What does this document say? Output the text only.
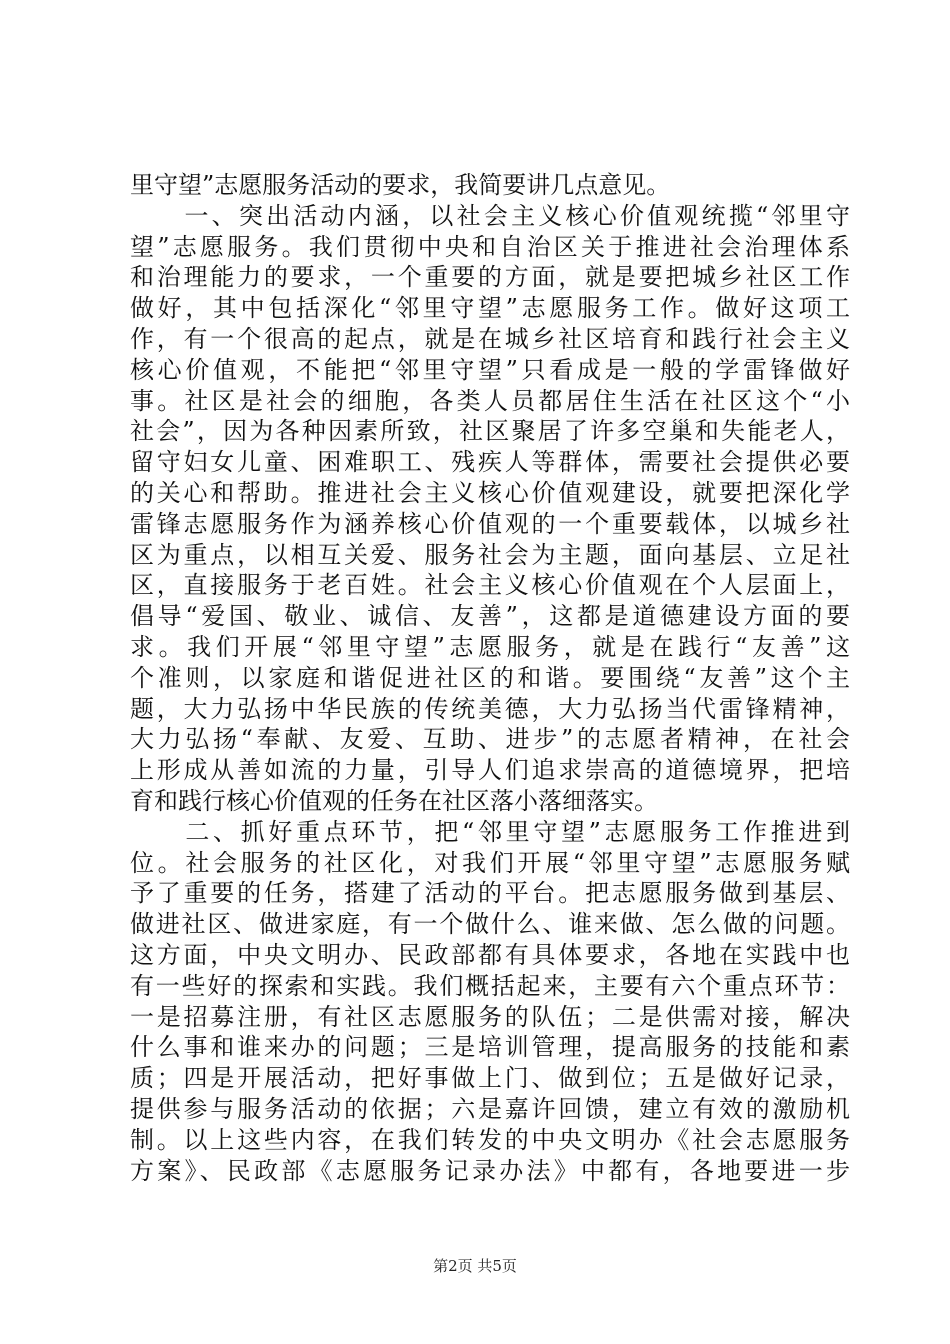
里守望”志愿服务活动的要求，我简要讲几点意见。
　　一、突出活动内涵，以社会主义核心价值观统揽“邻里守
望”志愿服务。我们贯彻中央和自治区关于推进社会治理体系
和治理能力的要求，一个重要的方面，就是要把城乡社区工作
做好，其中包括深化“邻里守望”志愿服务工作。做好这项工
作，有一个很高的起点，就是在城乡社区培育和践行社会主义
核心价值观，不能把“邻里守望”只看成是一般的学雷锋做好
事。社区是社会的细胞，各类人员都居住生活在社区这个“小
社会”，因为各种因素所致，社区聚居了许多空巢和失能老人，
留守妇女儿童、困难职工、残疾人等群体，需要社会提供必要
的关心和帮助。推进社会主义核心价值观建设，就要把深化学
雷锋志愿服务作为涵养核心价值观的一个重要载体，以城乡社
区为重点，以相互关爱、服务社会为主题，面向基层、立足社
区，直接服务于老百姓。社会主义核心价值观在个人层面上，
倡导“爱国、敬业、诚信、友善”，这都是道德建设方面的要
求。我们开展“邻里守望”志愿服务，就是在践行“友善”这
个准则，以家庭和谐促进社区的和谐。要围绕“友善”这个主
题，大力弘扬中华民族的传统美德，大力弘扬当代雷锋精神，
大力弘扬“奉献、友爱、互助、进步”的志愿者精神，在社会
上形成从善如流的力量，引导人们追求崇高的道德境界，把培
育和践行核心价值观的任务在社区落小落细落实。
　　二、抓好重点环节，把“邻里守望”志愿服务工作推进到
位。社会服务的社区化，对我们开展“邻里守望”志愿服务赋
予了重要的任务，搭建了活动的平台。把志愿服务做到基层、
做进社区、做进家庭，有一个做什么、谁来做、怎么做的问题。
这方面，中央文明办、民政部都有具体要求，各地在实践中也
有一些好的探索和实践。我们概括起来，主要有六个重点环节：
一是招募注册，有社区志愿服务的队伍；二是供需对接，解决
什么事和谁来办的问题；三是培训管理，提高服务的技能和素
质；四是开展活动，把好事做上门、做到位；五是做好记录，
提供参与服务活动的依据；六是嘉许回馈，建立有效的激励机
制。以上这些内容，在我们转发的中央文明办《社会志愿服务
方案》、民政部《志愿服务记录办法》中都有，各地要进一步
第2页 共5页
